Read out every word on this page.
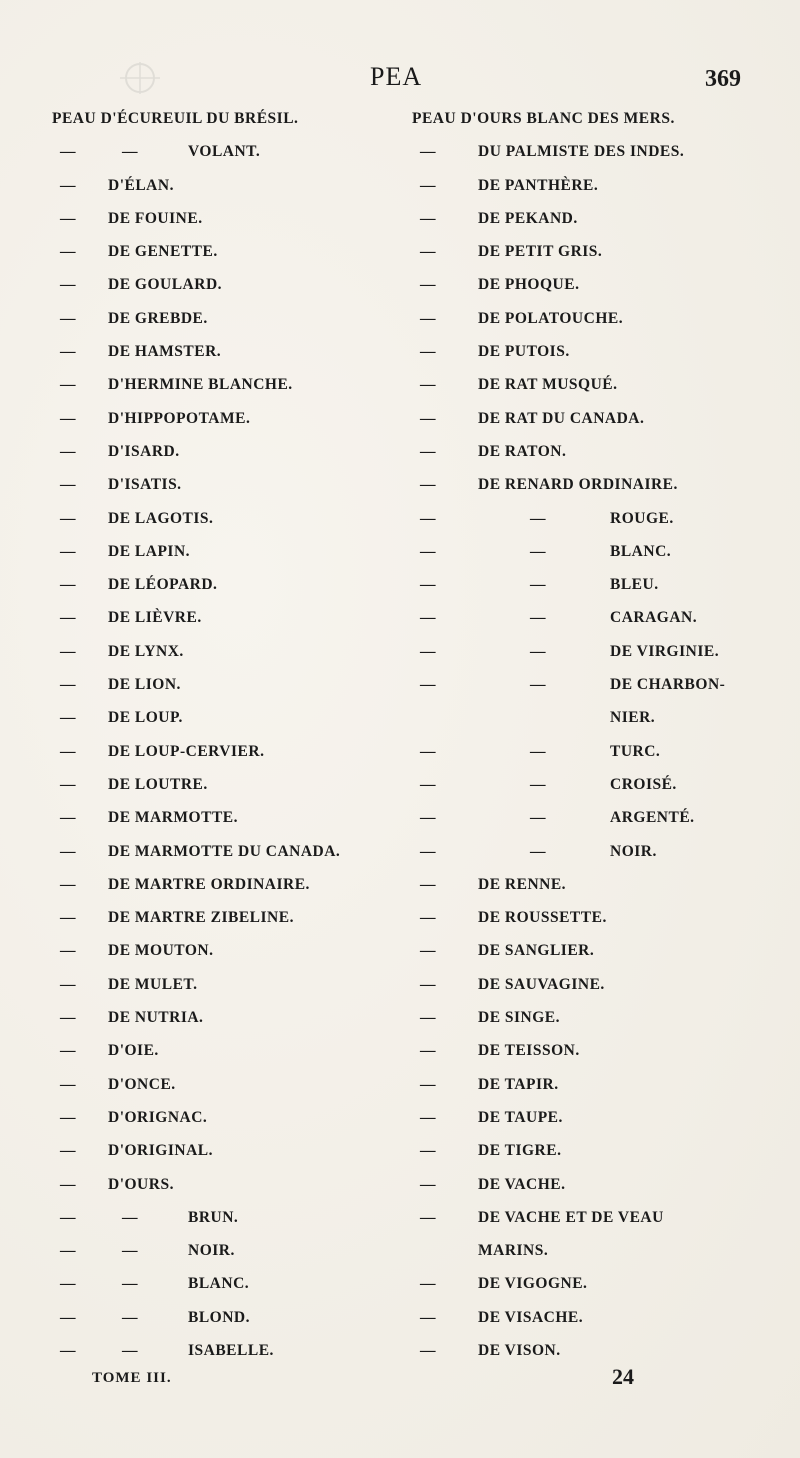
PEA	369
PEAU D'ÉCUREUIL DU BRÉSIL.
—	—	VOLANT.
— D'ÉLAN.
— DE FOUINE.
— DE GENETTE.
— DE GOULARD.
— DE GREBDE.
— DE HAMSTER.
— D'HERMINE BLANCHE.
— D'HIPPOPOTAME.
— D'ISARD.
— D'ISATIS.
— DE LAGOTIS.
— DE LAPIN.
— DE LÉOPARD.
— DE LIÈVRE.
— DE LYNX.
— DE LION.
— DE LOUP.
— DE LOUP-CERVIER.
— DE LOUTRE.
— DE MARMOTTE.
— DE MARMOTTE DU CANADA.
— DE MARTRE ORDINAIRE.
— DE MARTRE ZIBELINE.
— DE MOUTON.
— DE MULET.
— DE NUTRIA.
— D'OIE.
— D'ONCE.
— D'ORIGNAC.
— D'ORIGINAL.
— D'OURS.
—	—	BRUN.
—	—	NOIR.
—	—	BLANC.
—	—	BLOND.
—	—	ISABELLE.
PEAU D'OURS BLANC DES MERS.
—	DU PALMISTE DES INDES.
—	DE PANTHÈRE.
—	DE PEKAND.
—	DE PETIT GRIS.
—	DE PHOQUE.
—	DE POLATOUCHE.
—	DE PUTOIS.
—	DE RAT MUSQUÉ.
—	DE RAT DU CANADA.
—	DE RATON.
—	DE RENARD ORDINAIRE.
—	—	ROUGE.
—	—	BLANC.
—	—	BLEU.
—	—	CARAGAN.
—	—	DE VIRGINIE.
—	—	DE CHARBON-
NIER.
—	—	TURC.
—	—	CROISÉ.
—	—	ARGENTÉ.
—	—	NOIR.
—	DE RENNE.
—	DE ROUSSETTE.
—	DE SANGLIER.
—	DE SAUVAGINE.
—	DE SINGE.
—	DE TEISSON.
—	DE TAPIR.
—	DE TAUPE.
—	DE TIGRE.
—	DE VACHE.
—	DE VACHE ET DE VEAU
MARINS.
—	DE VIGOGNE.
—	DE VISACHE.
—	DE VISON.
TOME III.	24
